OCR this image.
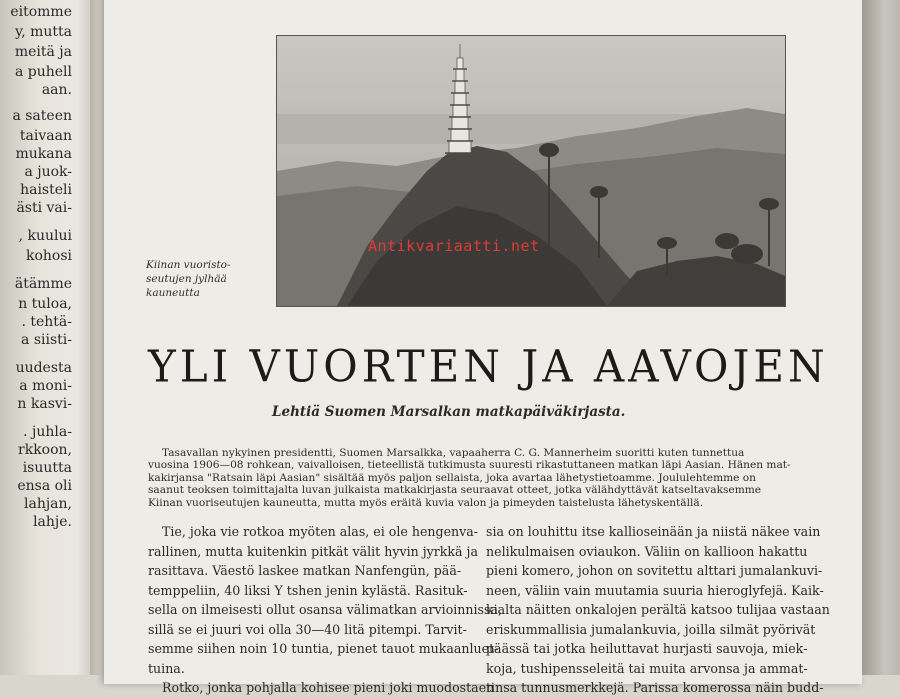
eitomme
y, mutta
meitä ja
a puhell
aan.
a sateen
taivaan
mukana
a juok-
haisteli
ästi vai-
, kuului
kohosi
ätämme
n tuloa,
. tehtä-
a siisti-
uudesta
a moni-
n kasvi-
. juhla-
rkkoon,
isuutta
ensa oli
lahjan,
lahje.
Antikvariaatti.net
Kiinan vuoristo-
seutujen jylhää
kauneutta
YLI VUORTEN JA AAVOJEN
Lehtiä Suomen Marsalkan matkapäiväkirjasta.
Tasavallan nykyinen presidentti, Suomen Marsalkka, vapaaherra C. G. Mannerheim suoritti kuten tunnettua
vuosina 1906—08 rohkean, vaivalloisen, tieteellistä tutkimusta suuresti rikastuttaneen matkan läpi Aasian. Hänen mat-
kakirjansa "Ratsain läpi Aasian" sisältää myös paljon sellaista, joka avartaa lähetystietoamme. Joululehtemme on
saanut teoksen toimittajalta luvan julkaista matkakirjasta seuraavat otteet, jotka välähdyttävät katseltavaksemme
Kiinan vuoriseutujen kauneutta, mutta myös eräitä kuvia valon ja pimeyden taistelusta lähetyskentällä.
Tie, joka vie rotkoa myöten alas, ei ole hengenva-
rallinen, mutta kuitenkin pitkät välit hyvin jyrkkä ja
rasittava. Väestö laskee matkan Nanfengün, pää-
temppeliin, 40 liksi Y tshen jenin kylästä. Rasituk-
sella on ilmeisesti ollut osansa välimatkan arvioinnissa,
sillä se ei juuri voi olla 30—40 litä pitempi. Tarvit-
semme siihen noin 10 tuntia, pienet tauot mukaanluet-
tuina.
Rotko, jonka pohjalla kohisee pieni joki muodostaen
sia on louhittu itse kallioseinään ja niistä näkee vain
nelikulmaisen oviaukon. Väliin on kallioon hakattu
pieni komero, johon on sovitettu alttari jumalankuvi-
neen, väliin vain muutamia suuria hieroglyfejä. Kaik-
kialta näitten onkalojen perältä katsoo tulijaa vastaan
eriskummallisia jumalankuvia, joilla silmät pyörivät
päässä tai jotka heiluttavat hurjasti sauvoja, miek-
koja, tushipensseleitä tai muita arvonsa ja ammat-
tinsa tunnusmerkkejä. Parissa komerossa näin budd-
